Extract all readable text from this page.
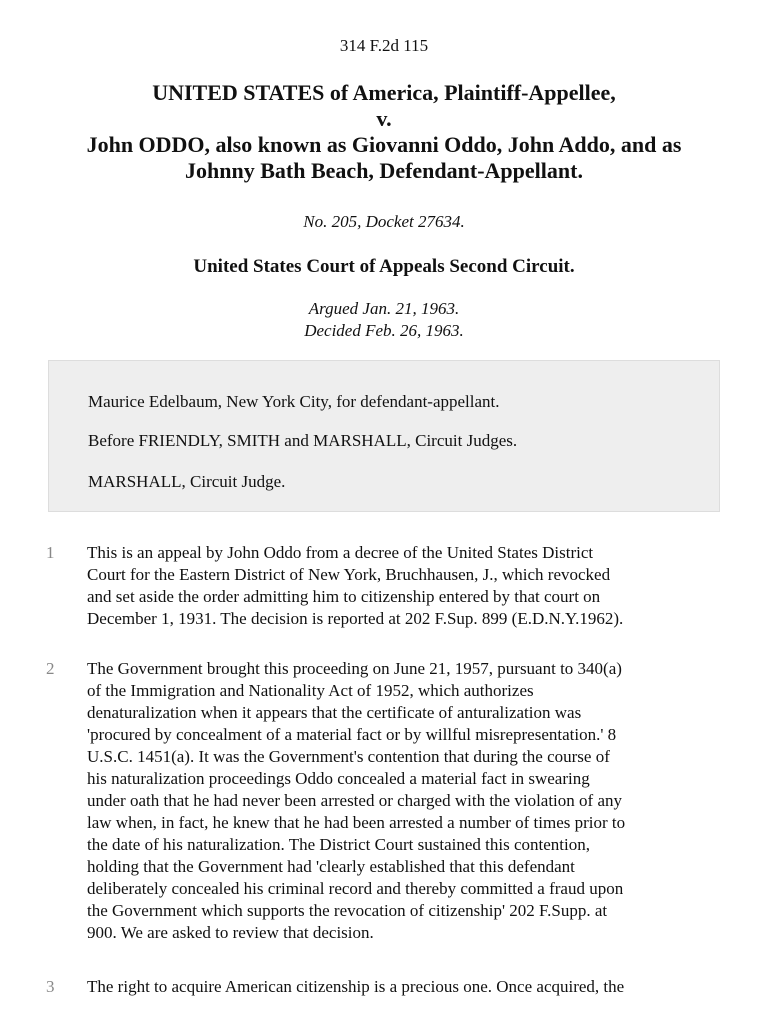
314 F.2d 115
UNITED STATES of America, Plaintiff-Appellee,
v.
John ODDO, also known as Giovanni Oddo, John Addo, and as
Johnny Bath Beach, Defendant-Appellant.
No. 205, Docket 27634.
United States Court of Appeals Second Circuit.
Argued Jan. 21, 1963.
Decided Feb. 26, 1963.

Maurice Edelbaum, New York City, for defendant-appellant.

Before FRIENDLY, SMITH and MARSHALL, Circuit Judges.

MARSHALL, Circuit Judge.

1 This is an appeal by John Oddo from a decree of the United States District
Court for the Eastern District of New York, Bruchhausen, J., which revocked
and set aside the order admitting him to citizenship entered by that court on
December 1, 1931. The decision is reported at 202 F.Sup. 899 (E.D.N.Y.1962).
2 The Government brought this proceeding on June 21, 1957, pursuant to 340(a)
of the Immigration and Nationality Act of 1952, which authorizes
denaturalization when it appears that the certificate of anturalization was
'procured by concealment of a material fact or by willful misrepresentation.' 8
U.S.C. 1451(a). It was the Government's contention that during the course of
his naturalization proceedings Oddo concealed a material fact in swearing
under oath that he had never been arrested or charged with the violation of any
law when, in fact, he knew that he had been arrested a number of times prior to
the date of his naturalization. The District Court sustained this contention,
holding that the Government had 'clearly established that this defendant
deliberately concealed his criminal record and thereby committed a fraud upon
the Government which supports the revocation of citizenship' 202 F.Supp. at
900. We are asked to review that decision.
3 The right to acquire American citizenship is a precious one. Once acquired, the
